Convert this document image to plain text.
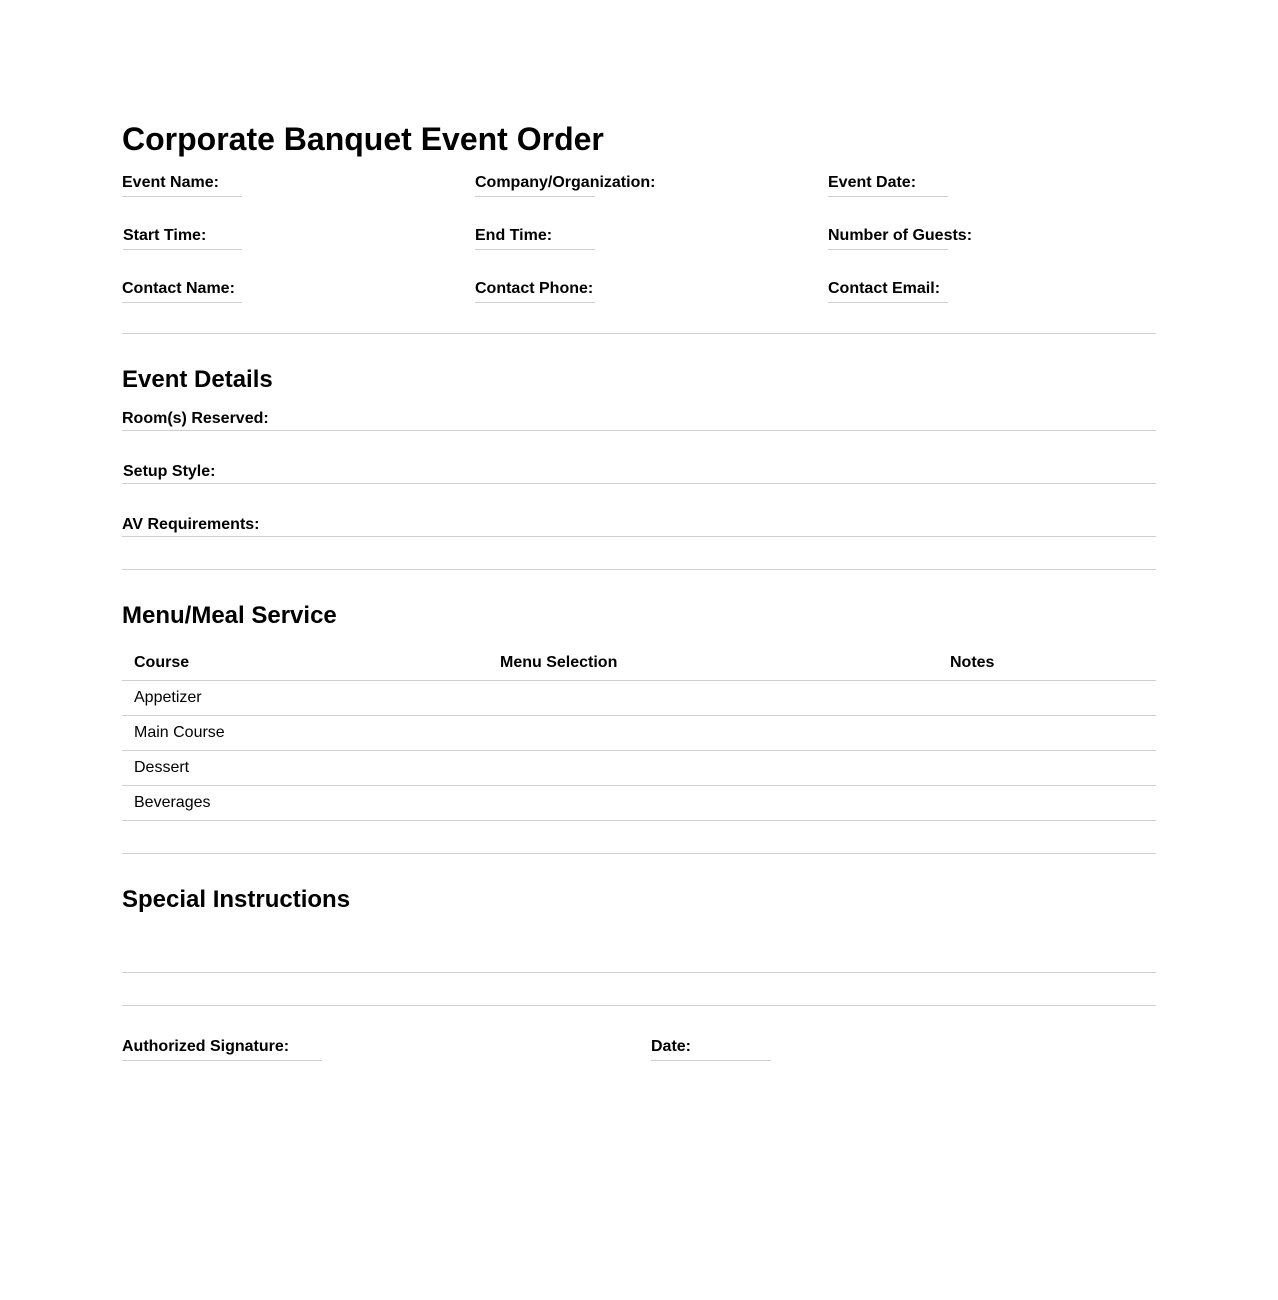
Corporate Banquet Event Order
Event Name:	Company/Organization:	Event Date:
Start Time:	End Time:	Number of Guests:
Contact Name:	Contact Phone:	Contact Email:
Event Details
Room(s) Reserved:
Setup Style:
AV Requirements:
Menu/Meal Service
Course	Menu Selection	Notes
Appetizer
Main Course
Dessert
Beverages
Special Instructions
Authorized Signature:	Date:
